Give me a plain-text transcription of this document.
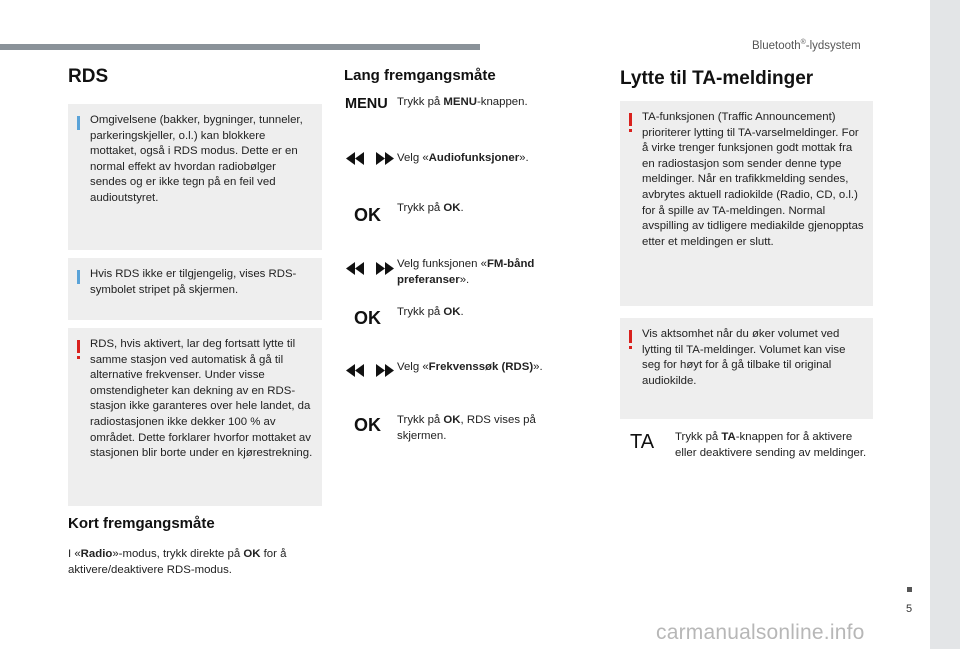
Bluetooth®-lydsystem
5
carmanualsonline.info
RDS
Omgivelsene (bakker, bygninger, tunneler, parkeringskjeller, o.l.) kan blokkere mottaket, også i RDS modus. Dette er en normal effekt av hvordan radiobølger sendes og er ikke tegn på en feil ved audioutstyret.
Hvis RDS ikke er tilgjengelig, vises RDS-symbolet stripet på skjermen.
RDS, hvis aktivert, lar deg fortsatt lytte til samme stasjon ved automatisk å gå til alternative frekvenser. Under visse omstendigheter kan dekning av en RDS-stasjon ikke garanteres over hele landet, da radiostasjonen ikke dekker 100 % av området. Dette forklarer hvorfor mottaket av stasjonen blir borte under en kjørestrekning.
Kort fremgangsmåte
I «Radio»-modus, trykk direkte på OK for å aktivere/deaktivere RDS-modus.
Lang fremgangsmåte
MENU Trykk på MENU-knappen.
Velg «Audiofunksjoner».
OK Trykk på OK.
Velg funksjonen «FM-bånd preferanser».
OK Trykk på OK.
Velg «Frekvenssøk (RDS)».
OK Trykk på OK, RDS vises på skjermen.
Lytte til TA-meldinger
TA-funksjonen (Traffic Announcement) prioriterer lytting til TA-varselmeldinger. For å virke trenger funksjonen godt mottak fra en radiostasjon som sender denne type meldinger. Når en trafikkmelding sendes, avbrytes aktuell radiokilde (Radio, CD, o.l.) for å spille av TA-meldingen. Normal avspilling av tidligere mediakilde gjenopptas etter et meldingen er slutt.
Vis aktsomhet når du øker volumet ved lytting til TA-meldinger. Volumet kan vise seg for høyt for å gå tilbake til original audiokilde.
TA Trykk på TA-knappen for å aktivere eller deaktivere sending av meldinger.
